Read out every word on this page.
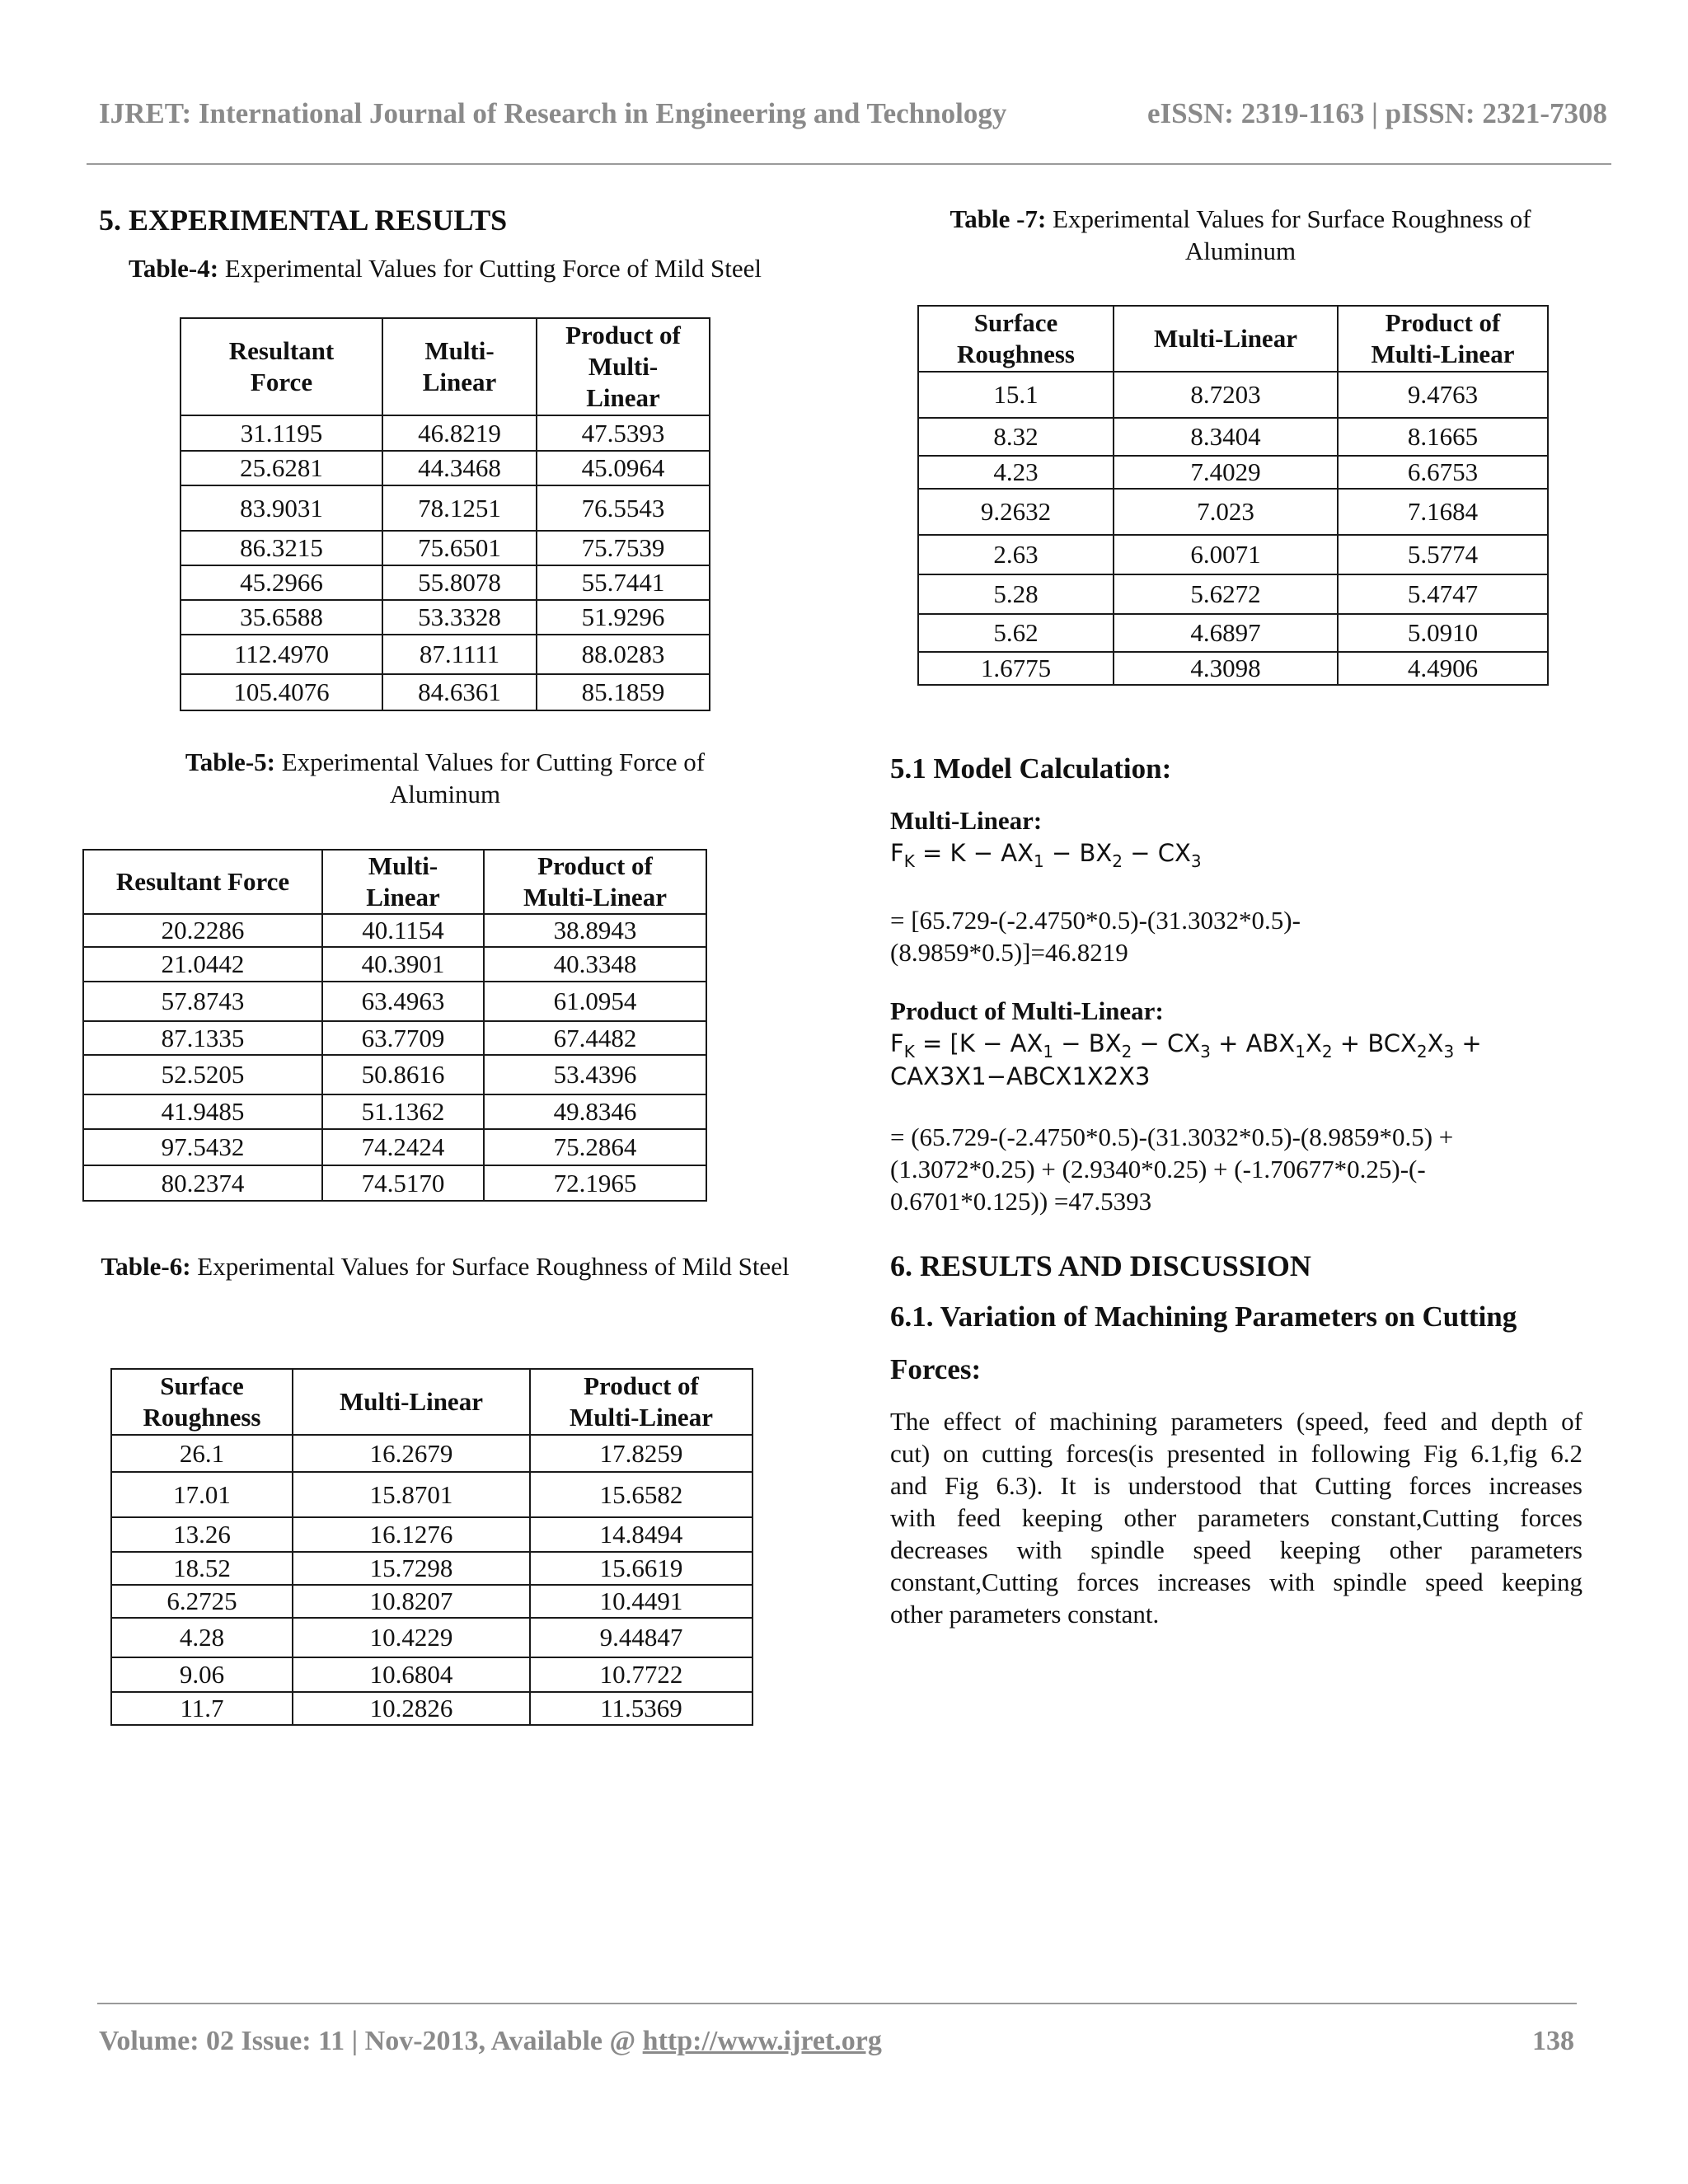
IJRET: International Journal of Research in Engineering and Technology	eISSN: 2319-1163 | pISSN: 2321-7308
5. EXPERIMENTAL RESULTS
Table-4: Experimental Values for Cutting Force of Mild Steel
Resultant Force	Multi-Linear	Product of Multi-Linear
31.1195	46.8219	47.5393
25.6281	44.3468	45.0964
83.9031	78.1251	76.5543
86.3215	75.6501	75.7539
45.2966	55.8078	55.7441
35.6588	53.3328	51.9296
112.4970	87.1111	88.0283
105.4076	84.6361	85.1859
Table-5: Experimental Values for Cutting Force of Aluminum
Resultant Force	Multi-Linear	Product of Multi-Linear
20.2286	40.1154	38.8943
21.0442	40.3901	40.3348
57.8743	63.4963	61.0954
87.1335	63.7709	67.4482
52.5205	50.8616	53.4396
41.9485	51.1362	49.8346
97.5432	74.2424	75.2864
80.2374	74.5170	72.1965
Table-6: Experimental Values for Surface Roughness of Mild Steel
Surface Roughness	Multi-Linear	Product of Multi-Linear
26.1	16.2679	17.8259
17.01	15.8701	15.6582
13.26	16.1276	14.8494
18.52	15.7298	15.6619
6.2725	10.8207	10.4491
4.28	10.4229	9.44847
9.06	10.6804	10.7722
11.7	10.2826	11.5369
Table -7: Experimental Values for Surface Roughness of Aluminum
Surface Roughness	Multi-Linear	Product of Multi-Linear
15.1	8.7203	9.4763
8.32	8.3404	8.1665
4.23	7.4029	6.6753
9.2632	7.023	7.1684
2.63	6.0071	5.5774
5.28	5.6272	5.4747
5.62	4.6897	5.0910
1.6775	4.3098	4.4906
5.1 Model Calculation:
Multi-Linear:
$F_K = K - AX_1 - BX_2 - CX_3$
= [65.729-(-2.4750*0.5)-(31.3032*0.5)-
(8.9859*0.5)]=46.8219
Product of Multi-Linear:
$F_K = [K - AX_1 - BX_2 - CX_3 + ABX_1X_2 + BCX_2X_3$ +
CAX3X1−ABCX1X2X3
= (65.729-(-2.4750*0.5)-(31.3032*0.5)-(8.9859*0.5) +
(1.3072*0.25) + (2.9340*0.25) + (-1.70677*0.25)-(-
0.6701*0.125)) =47.5393
6. RESULTS AND DISCUSSION
6.1. Variation of Machining Parameters on Cutting
Forces:
The effect of machining parameters (speed, feed and depth of
cut) on cutting forces(is presented in following Fig 6.1,fig 6.2
and Fig 6.3). It is understood that Cutting forces increases
with feed keeping other parameters constant,Cutting forces
decreases with spindle speed keeping other parameters
constant,Cutting forces increases with spindle speed keeping
other parameters constant.
Volume: 02 Issue: 11 | Nov-2013, Available @ http://www.ijret.org	138
